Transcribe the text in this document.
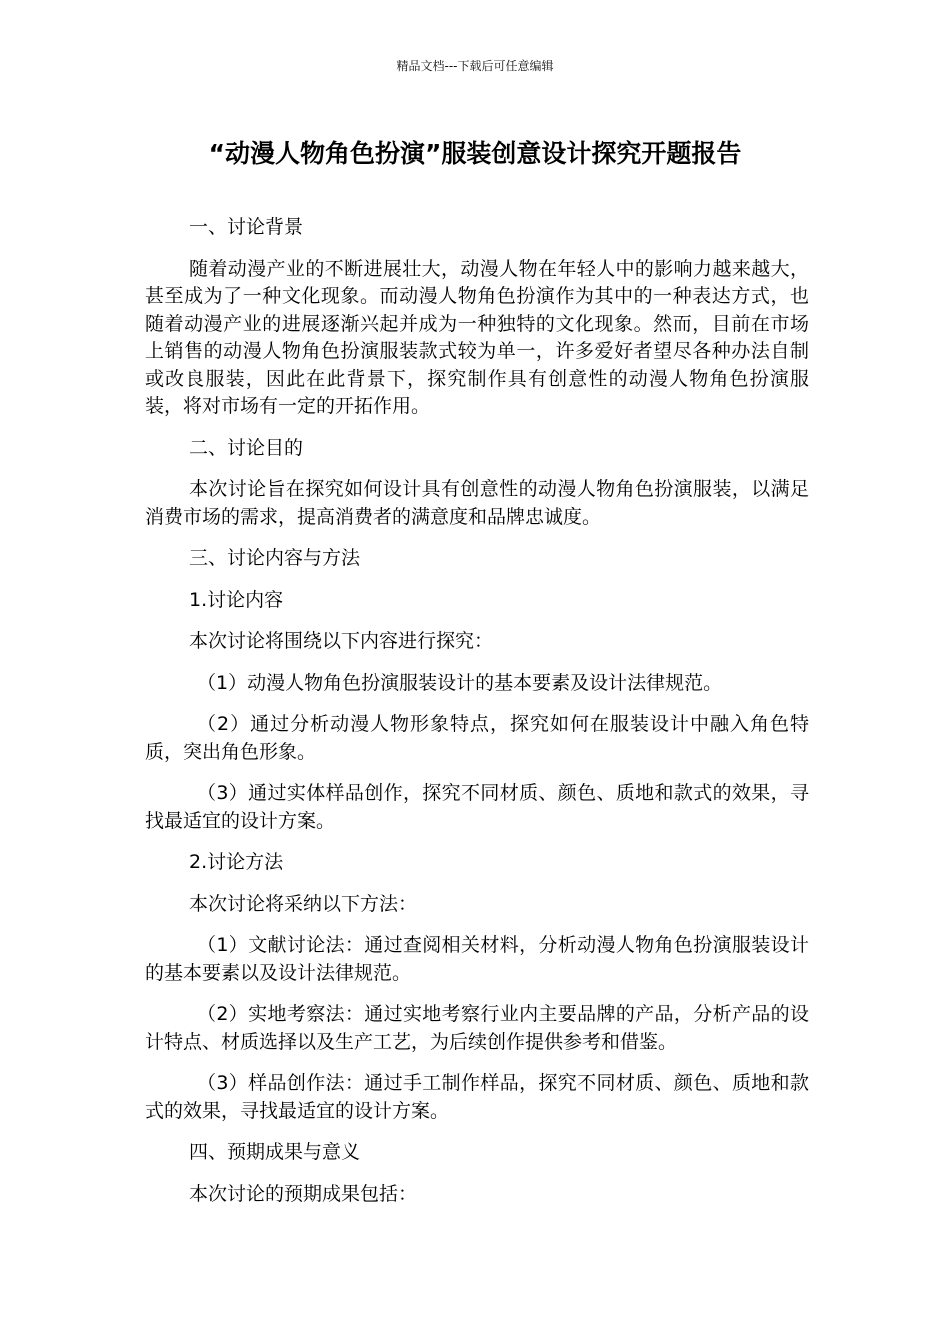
精品文档---下载后可任意编辑
“动漫人物角色扮演”服装创意设计探究开题报告

一、讨论背景

随着动漫产业的不断进展壮大，动漫人物在年轻人中的影响力越来越大，甚至成为了一种文化现象。而动漫人物角色扮演作为其中的一种表达方式，也随着动漫产业的进展逐渐兴起并成为一种独特的文化现象。然而，目前在市场上销售的动漫人物角色扮演服装款式较为单一，许多爱好者望尽各种办法自制或改良服装，因此在此背景下，探究制作具有创意性的动漫人物角色扮演服装，将对市场有一定的开拓作用。

二、讨论目的

本次讨论旨在探究如何设计具有创意性的动漫人物角色扮演服装，以满足消费市场的需求，提高消费者的满意度和品牌忠诚度。

三、讨论内容与方法

1.讨论内容

本次讨论将围绕以下内容进行探究：

（1）动漫人物角色扮演服装设计的基本要素及设计法律规范。

（2）通过分析动漫人物形象特点，探究如何在服装设计中融入角色特质，突出角色形象。

（3）通过实体样品创作，探究不同材质、颜色、质地和款式的效果，寻找最适宜的设计方案。

2.讨论方法

本次讨论将采纳以下方法：

（1）文献讨论法：通过查阅相关材料，分析动漫人物角色扮演服装设计的基本要素以及设计法律规范。

（2）实地考察法：通过实地考察行业内主要品牌的产品，分析产品的设计特点、材质选择以及生产工艺，为后续创作提供参考和借鉴。

（3）样品创作法：通过手工制作样品，探究不同材质、颜色、质地和款式的效果，寻找最适宜的设计方案。

四、预期成果与意义

本次讨论的预期成果包括：
